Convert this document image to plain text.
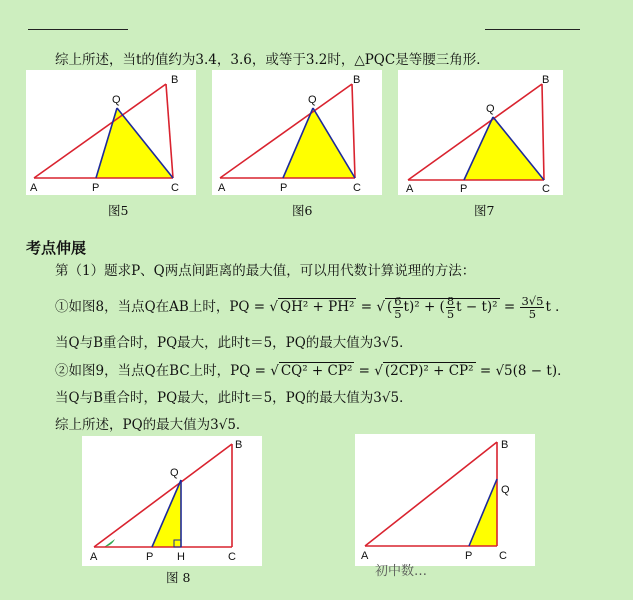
综上所述，当t的值约为3.4，3.6，或等于3.2时，△PQC是等腰三角形．
A	P	C
Q
B
图5
A	P	C
Q
B
图6
A	P	C
Q
B
图7
考点伸展
第（1）题求P、Q两点间距离的最大值，可以用代数计算说理的方法：
①如图8，当点Q在AB上时，PQ = √ QH² + PH² = √ ( $\frac{6}{5} t)^2$ + ( $\frac{8}{5}$ $t - t)^2 = \frac{3√5}{5}$ t ．
当Q与B重合时，PQ最大，此时t＝5，PQ的最大值为3√5．
②如图9，当点Q在BC上时，PQ = √ CQ² + CP² = √ (2CP)² + CP² = √5(8 − t)．
当Q与B重合时，PQ最大，此时t＝5，PQ的最大值为3√5．
综上所述，PQ的最大值为3√5．
A	P H	C
Q
B
图 8
A	P C
Q
B
初中数…
